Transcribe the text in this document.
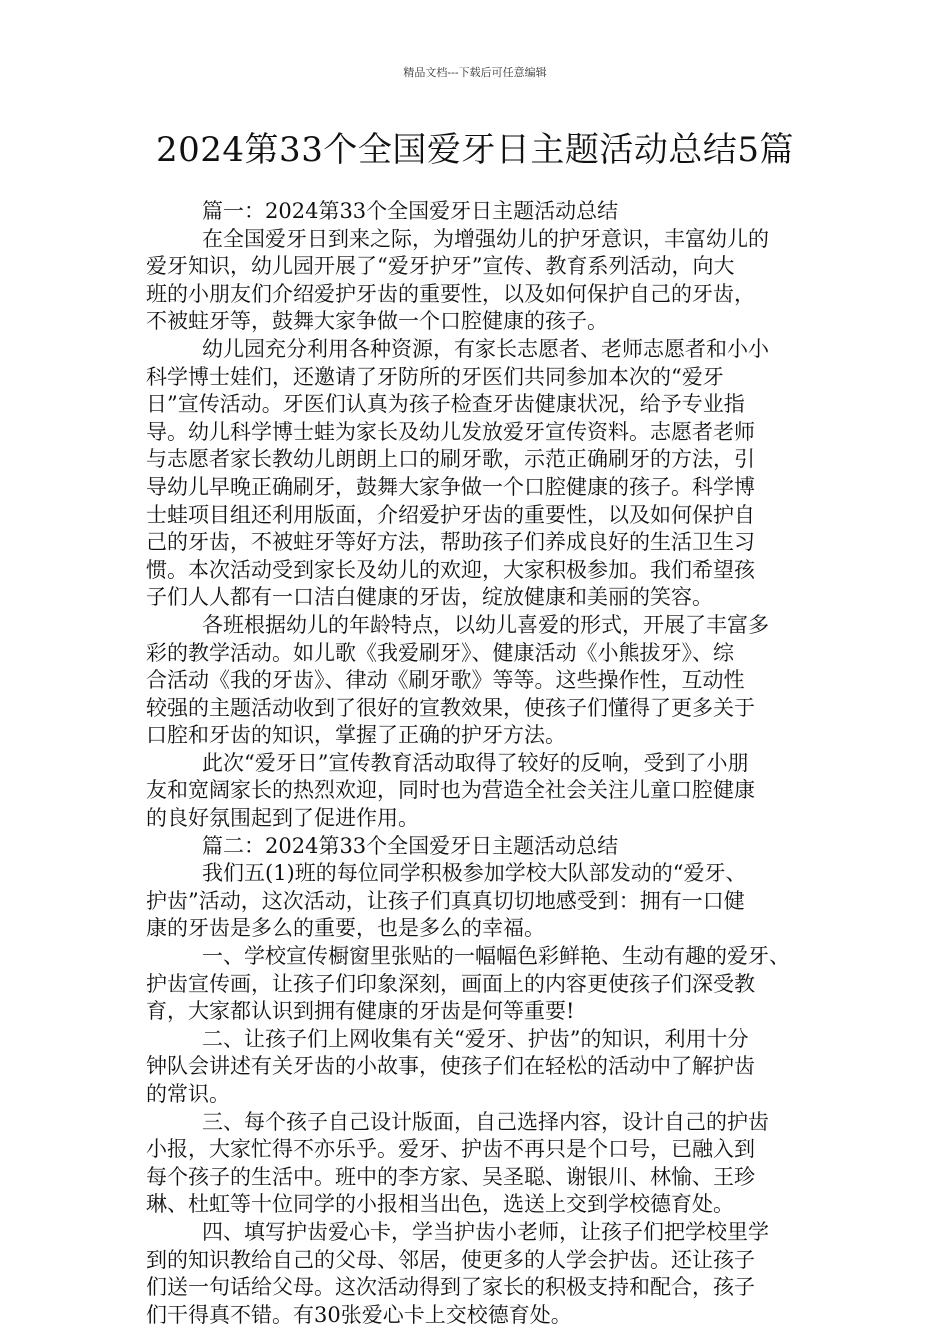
精品文档---下载后可任意编辑
2024第33个全国爱牙日主题活动总结5篇
篇一：2024第33个全国爱牙日主题活动总结
在全国爱牙日到来之际，为增强幼儿的护牙意识，丰富幼儿的
爱牙知识，幼儿园开展了“爱牙护牙”宣传、教育系列活动，向大
班的小朋友们介绍爱护牙齿的重要性，以及如何保护自己的牙齿，
不被蛀牙等，鼓舞大家争做一个口腔健康的孩子。
幼儿园充分利用各种资源，有家长志愿者、老师志愿者和小小
科学博士娃们，还邀请了牙防所的牙医们共同参加本次的“爱牙
日”宣传活动。牙医们认真为孩子检查牙齿健康状况，给予专业指
导。幼儿科学博士蛙为家长及幼儿发放爱牙宣传资料。志愿者老师
与志愿者家长教幼儿朗朗上口的刷牙歌，示范正确刷牙的方法，引
导幼儿早晚正确刷牙，鼓舞大家争做一个口腔健康的孩子。科学博
士蛙项目组还利用版面，介绍爱护牙齿的重要性，以及如何保护自
己的牙齿，不被蛀牙等好方法，帮助孩子们养成良好的生活卫生习
惯。本次活动受到家长及幼儿的欢迎，大家积极参加。我们希望孩
子们人人都有一口洁白健康的牙齿，绽放健康和美丽的笑容。
各班根据幼儿的年龄特点，以幼儿喜爱的形式，开展了丰富多
彩的教学活动。如儿歌《我爱刷牙》、健康活动《小熊拔牙》、综
合活动《我的牙齿》、律动《刷牙歌》等等。这些操作性，互动性
较强的主题活动收到了很好的宣教效果，使孩子们懂得了更多关于
口腔和牙齿的知识，掌握了正确的护牙方法。
此次“爱牙日”宣传教育活动取得了较好的反响，受到了小朋
友和宽阔家长的热烈欢迎，同时也为营造全社会关注儿童口腔健康
的良好氛围起到了促进作用。
篇二：2024第33个全国爱牙日主题活动总结
我们五(1)班的每位同学积极参加学校大队部发动的“爱牙、
护齿”活动，这次活动，让孩子们真真切切地感受到：拥有一口健
康的牙齿是多么的重要，也是多么的幸福。
一、学校宣传橱窗里张贴的一幅幅色彩鲜艳、生动有趣的爱牙、
护齿宣传画，让孩子们印象深刻，画面上的内容更使孩子们深受教
育，大家都认识到拥有健康的牙齿是何等重要!
二、让孩子们上网收集有关“爱牙、护齿”的知识，利用十分
钟队会讲述有关牙齿的小故事，使孩子们在轻松的活动中了解护齿
的常识。
三、每个孩子自己设计版面，自己选择内容，设计自己的护齿
小报，大家忙得不亦乐乎。爱牙、护齿不再只是个口号，已融入到
每个孩子的生活中。班中的李方家、吴圣聪、谢银川、林愉、王珍
琳、杜虹等十位同学的小报相当出色，选送上交到学校德育处。
四、填写护齿爱心卡，学当护齿小老师，让孩子们把学校里学
到的知识教给自己的父母、邻居，使更多的人学会护齿。还让孩子
们送一句话给父母。这次活动得到了家长的积极支持和配合，孩子
们干得真不错。有30张爱心卡上交校德育处。
